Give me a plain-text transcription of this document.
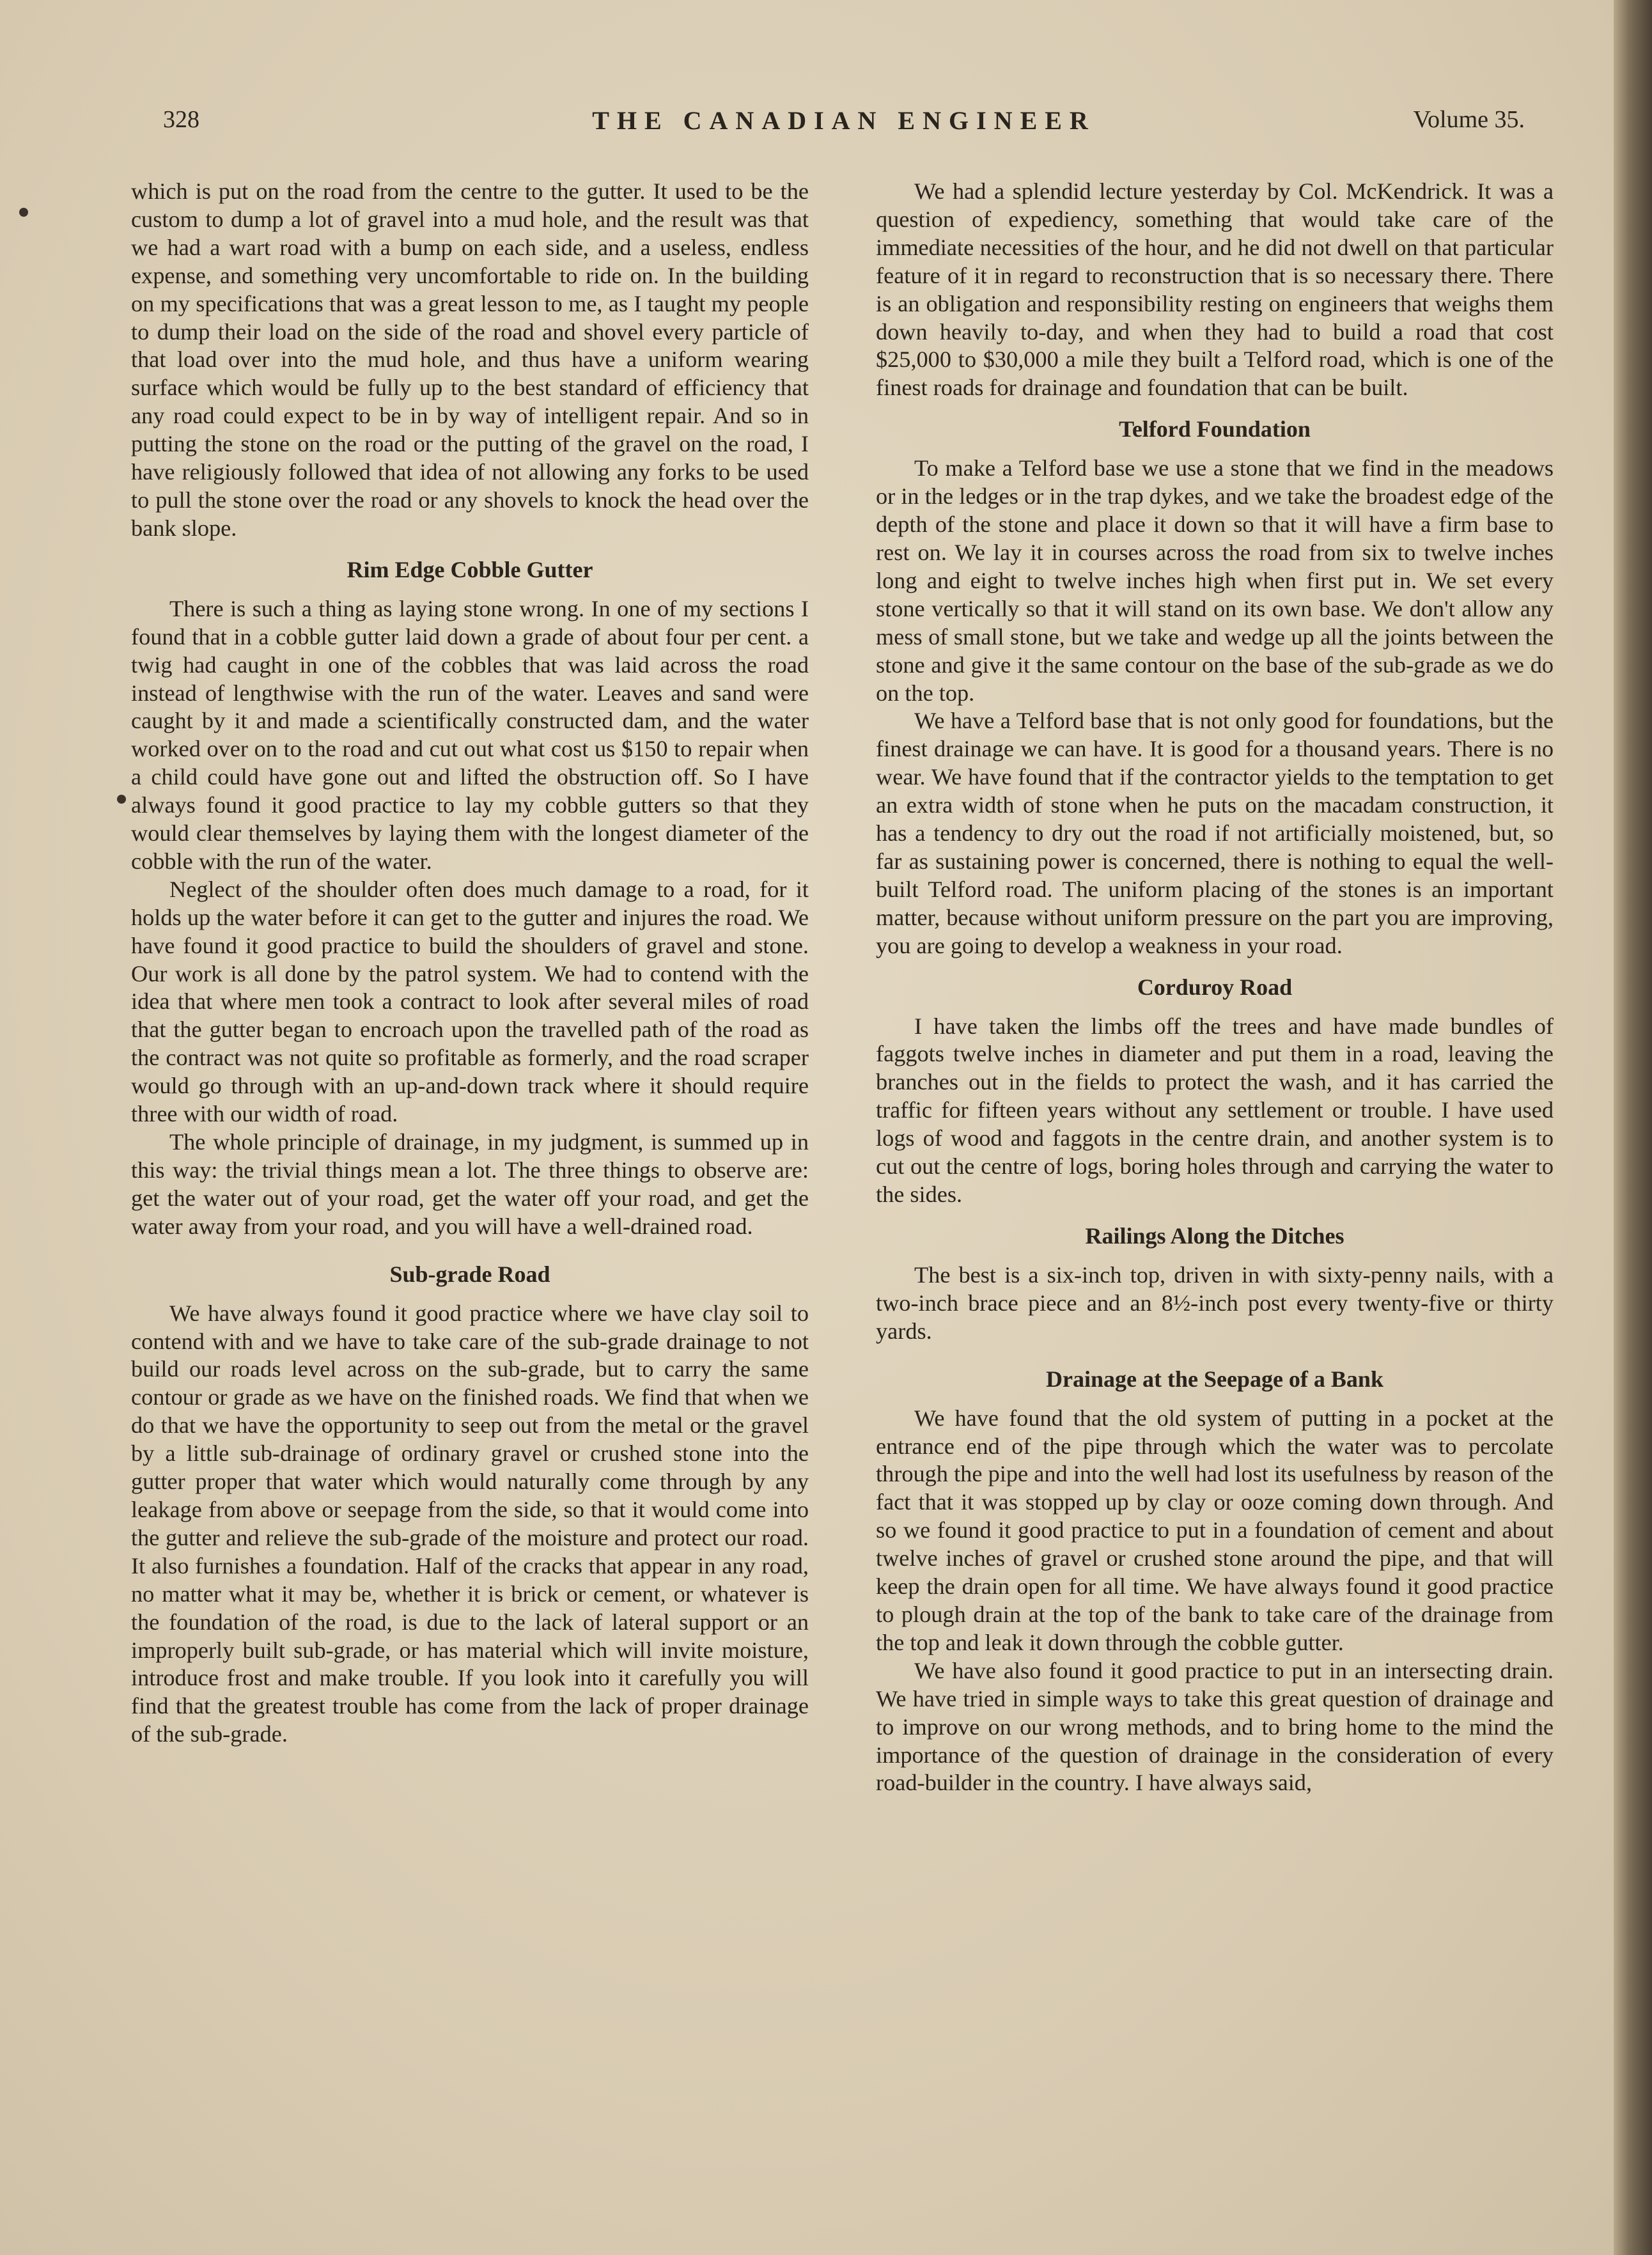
328	THE CANADIAN ENGINEER	Volume 35.

which is put on the road from the centre to the gutter. It used to be the custom to dump a lot of gravel into a mud hole, and the result was that we had a wart road with a bump on each side, and a useless, endless expense, and something very uncomfortable to ride on. In the building on my specifications that was a great lesson to me, as I taught my people to dump their load on the side of the road and shovel every particle of that load over into the mud hole, and thus have a uniform wearing surface which would be fully up to the best standard of efficiency that any road could expect to be in by way of intelligent repair. And so in putting the stone on the road or the putting of the gravel on the road, I have religiously followed that idea of not allowing any forks to be used to pull the stone over the road or any shovels to knock the head over the bank slope.

Rim Edge Cobble Gutter

There is such a thing as laying stone wrong. In one of my sections I found that in a cobble gutter laid down a grade of about four per cent. a twig had caught in one of the cobbles that was laid across the road instead of lengthwise with the run of the water. Leaves and sand were caught by it and made a scientifically constructed dam, and the water worked over on to the road and cut out what cost us $150 to repair when a child could have gone out and lifted the obstruction off. So I have always found it good practice to lay my cobble gutters so that they would clear themselves by laying them with the longest diameter of the cobble with the run of the water.

Neglect of the shoulder often does much damage to a road, for it holds up the water before it can get to the gutter and injures the road. We have found it good practice to build the shoulders of gravel and stone. Our work is all done by the patrol system. We had to contend with the idea that where men took a contract to look after several miles of road that the gutter began to encroach upon the travelled path of the road as the contract was not quite so profitable as formerly, and the road scraper would go through with an up-and-down track where it should require three with our width of road.

The whole principle of drainage, in my judgment, is summed up in this way: the trivial things mean a lot. The three things to observe are: get the water out of your road, get the water off your road, and get the water away from your road, and you will have a well-drained road.

Sub-grade Road

We have always found it good practice where we have clay soil to contend with and we have to take care of the sub-grade drainage to not build our roads level across on the sub-grade, but to carry the same contour or grade as we have on the finished roads. We find that when we do that we have the opportunity to seep out from the metal or the gravel by a little sub-drainage of ordinary gravel or crushed stone into the gutter proper that water which would naturally come through by any leakage from above or seepage from the side, so that it would come into the gutter and relieve the sub-grade of the moisture and protect our road. It also furnishes a foundation. Half of the cracks that appear in any road, no matter what it may be, whether it is brick or cement, or whatever is the foundation of the road, is due to the lack of lateral support or an improperly built sub-grade, or has material which will invite moisture, introduce frost and make trouble. If you look into it carefully you will find that the greatest trouble has come from the lack of proper drainage of the sub-grade.

We had a splendid lecture yesterday by Col. McKendrick. It was a question of expediency, something that would take care of the immediate necessities of the hour, and he did not dwell on that particular feature of it in regard to reconstruction that is so necessary there. There is an obligation and responsibility resting on engineers that weighs them down heavily to-day, and when they had to build a road that cost $25,000 to $30,000 a mile they built a Telford road, which is one of the finest roads for drainage and foundation that can be built.

Telford Foundation

To make a Telford base we use a stone that we find in the meadows or in the ledges or in the trap dykes, and we take the broadest edge of the depth of the stone and place it down so that it will have a firm base to rest on. We lay it in courses across the road from six to twelve inches long and eight to twelve inches high when first put in. We set every stone vertically so that it will stand on its own base. We don't allow any mess of small stone, but we take and wedge up all the joints between the stone and give it the same contour on the base of the sub-grade as we do on the top.

We have a Telford base that is not only good for foundations, but the finest drainage we can have. It is good for a thousand years. There is no wear. We have found that if the contractor yields to the temptation to get an extra width of stone when he puts on the macadam construction, it has a tendency to dry out the road if not artificially moistened, but, so far as sustaining power is concerned, there is nothing to equal the well-built Telford road. The uniform placing of the stones is an important matter, because without uniform pressure on the part you are improving, you are going to develop a weakness in your road.

Corduroy Road

I have taken the limbs off the trees and have made bundles of faggots twelve inches in diameter and put them in a road, leaving the branches out in the fields to protect the wash, and it has carried the traffic for fifteen years without any settlement or trouble. I have used logs of wood and faggots in the centre drain, and another system is to cut out the centre of logs, boring holes through and carrying the water to the sides.

Railings Along the Ditches

The best is a six-inch top, driven in with sixty-penny nails, with a two-inch brace piece and an 8½-inch post every twenty-five or thirty yards.

Drainage at the Seepage of a Bank

We have found that the old system of putting in a pocket at the entrance end of the pipe through which the water was to percolate through the pipe and into the well had lost its usefulness by reason of the fact that it was stopped up by clay or ooze coming down through. And so we found it good practice to put in a foundation of cement and about twelve inches of gravel or crushed stone around the pipe, and that will keep the drain open for all time. We have always found it good practice to plough drain at the top of the bank to take care of the drainage from the top and leak it down through the cobble gutter.

We have also found it good practice to put in an intersecting drain. We have tried in simple ways to take this great question of drainage and to improve on our wrong methods, and to bring home to the mind the importance of the question of drainage in the consideration of every road-builder in the country. I have always said,
